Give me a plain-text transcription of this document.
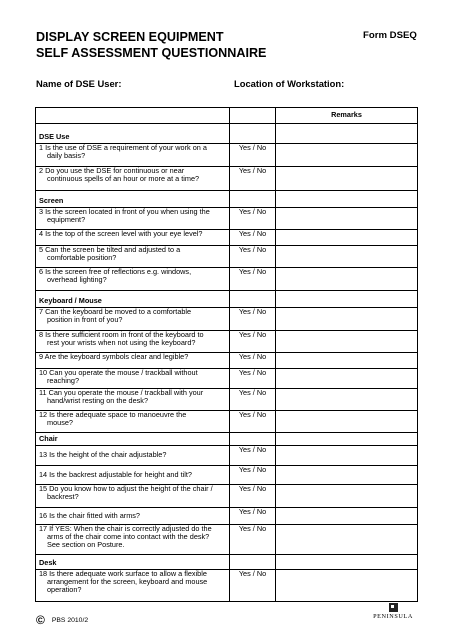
DISPLAY SCREEN EQUIPMENT
SELF ASSESSMENT QUESTIONNAIRE
Form DSEQ
Name of DSE User:	Location of Workstation:
		Remarks
DSE Use		
1 Is the use of DSE a requirement of your work on a
daily basis?	Yes / No	
2 Do you use the DSE for continuous or near
continuous spells of an hour or more at a time?	Yes / No	
Screen		
3 Is the screen located in front of you when using the
equipment?	Yes / No	
4 Is the top of the screen level with your eye level?	Yes / No	
5 Can the screen be tilted and adjusted to a
comfortable position?	Yes / No	
6 Is the screen free of reflections e.g. windows,
overhead lighting?	Yes / No	
Keyboard / Mouse		
7 Can the keyboard be moved to a comfortable
position in front of you?	Yes / No	
8 Is there sufficient room in front of the keyboard to
rest your wrists when not using the keyboard?	Yes / No	
9 Are the keyboard symbols clear and legible?	Yes / No	
10 Can you operate the mouse / trackball without
reaching?	Yes / No	
11 Can you operate the mouse / trackball with your
hand/wrist resting on the desk?	Yes / No	
12 Is there adequate space to manoeuvre the
mouse?	Yes / No	
Chair		
13 Is the height of the chair adjustable?	Yes / No	
14 Is the backrest adjustable for height and tilt?	Yes / No	
15 Do you know how to adjust the height of the chair /
backrest?	Yes / No	
16 Is the chair fitted with arms?	Yes / No	
17 If YES: When the chair is correctly adjusted do the
arms of the chair come into contact with the desk?
See section on Posture.	Yes / No	
Desk		
18 Is there adequate work surface to allow a flexible
arrangement for the screen, keyboard and mouse
operation?	Yes / No	
© PBS 2010/2	PENINSULA
